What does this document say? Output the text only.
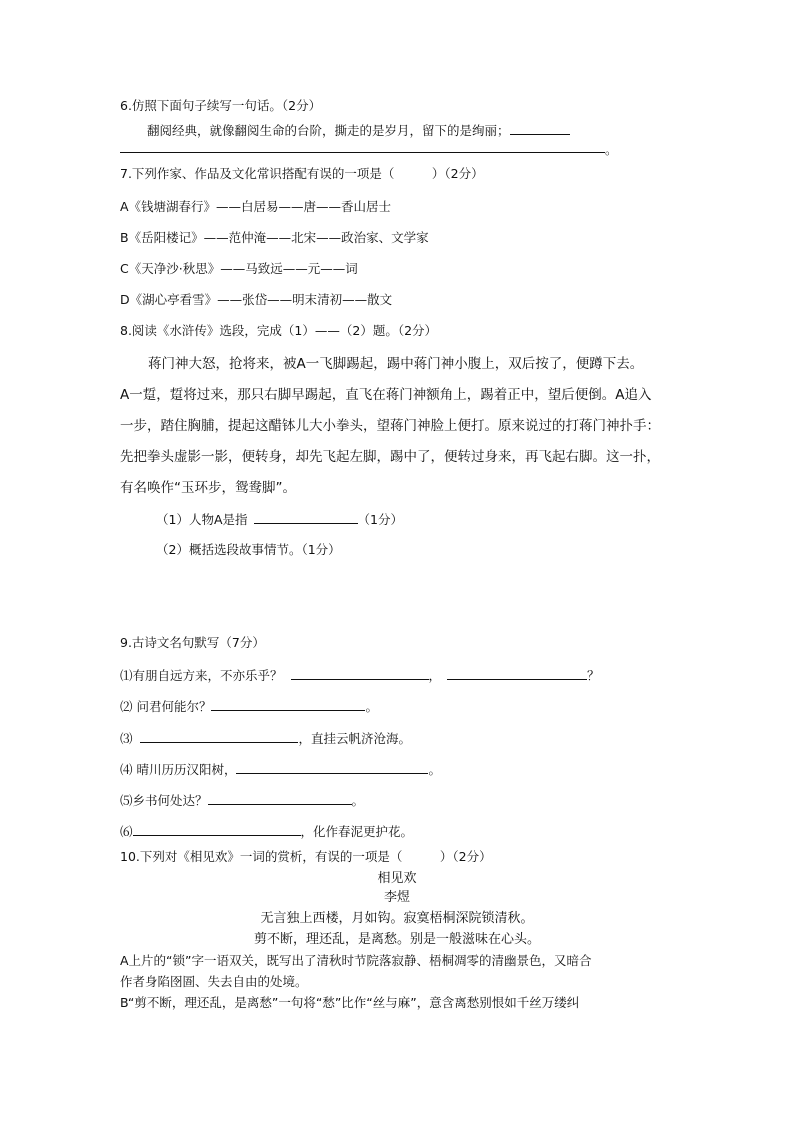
6.仿照下面句子续写一句话。（2分）
翻阅经典，就像翻阅生命的台阶，撕走的是岁月，留下的是绚丽；
。
7.下列作家、作品及文化常识搭配有误的一项是（　　　）（2分）
A《钱塘湖春行》——白居易——唐——香山居士
B《岳阳楼记》——范仲淹——北宋——政治家、文学家
C《天净沙·秋思》——马致远——元——词
D《湖心亭看雪》——张岱——明末清初——散文
8.阅读《水浒传》选段，完成（1）——（2）题。（2分）
蒋门神大怒，抢将来，被A一飞脚踢起，踢中蒋门神小腹上，双后按了，便蹲下去。
A一踅，踅将过来，那只右脚早踢起，直飞在蒋门神额角上，踢着正中，望后便倒。A追入
一步，踏住胸脯，提起这醋钵儿大小拳头，望蒋门神脸上便打。原来说过的打蒋门神扑手：
先把拳头虚影一影，便转身，却先飞起左脚，踢中了，便转过身来，再飞起右脚。这一扑，
有名唤作“玉环步，鸳鸯脚”。
（1）人物A是指	（1分）
（2）概括选段故事情节。（1分）
9.古诗文名句默写（7分）
⑴有朋自远方来，不亦乐乎？	，	？
⑵ 问君何能尔？	。
⑶	，直挂云帆济沧海。
⑷ 晴川历历汉阳树，	。
⑸乡书何处达？	。
⑹	，化作春泥更护花。
10.下列对《相见欢》一词的赏析，有误的一项是（　　　）（2分）
相见欢
李煜
无言独上西楼，月如钩。寂寞梧桐深院锁清秋。
剪不断，理还乱，是离愁。别是一般滋味在心头。
A上片的“锁”字一语双关，既写出了清秋时节院落寂静、梧桐凋零的清幽景色，又暗合
作者身陷囹圄、失去自由的处境。
B“剪不断，理还乱，是离愁”一句将“愁”比作“丝与麻”，意含离愁别恨如千丝万缕纠
